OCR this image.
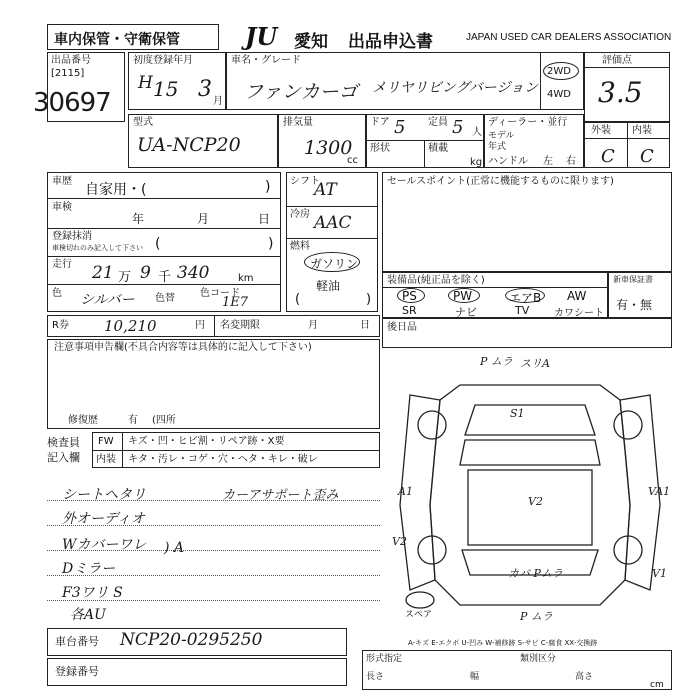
車内保管・守衛保管	JU 愛知 出品申込書	JAPAN USED CAR DEALERS ASSOCIATION
出品番号
[2115]
30697
初度登録年月
H 15 3 月
車名・グレード
ファンカーゴ メリヤリビングバージョン
2WD
4WD
評価点
3.5
型式
UA-NCP20
排気量
1300
cc
ドア 5 定員 5 人
形状	積載
kg
ディーラー・並行
モデル
年式
ハンドル 左 右
外装 内装
C C
車歴
自家用・(	)
車検
年	月	日
登録抹消
車検切れのみ記入して下さい (	)
走行 21 万 9 千 340	km
色 シルバー 色替	色コード
1E7
シフト
AT
冷房 AAC
燃料
ガソリン
軽油
(	)
セールスポイント(正常に機能するものに限ります)
装備品(純正品を除く)
PS	PW	エアB AW
SR	ナビ	TV カワシート
新車保証書
有・無
R券 10,210	円 名変期限	月	日 後日品
注意事項申告欄(不具合内容等は具体的に記入して下さい)
修復歴	有 (四所
検査員
記入欄
FW キズ・凹・ヒビ割・リペア跡・X要
内装 キタ・汚レ・コゲ・穴・ヘタ・キレ・破レ
シートヘタリ
外オーディオ
Wカバーワレ
Dミラー
F3ワリ S
各AU
カーアサポート歪み
) A
P ムラ スリA
S1
V2
A1
V2
VA1
カバ Pムラ	V1
P ムラ
スペア
車台番号 NCP20-0295250
登録番号
A-キズ E-エクボ U-凹み W-補修跡 S-サビ C-腐食 XX-交換跡
形式指定	類別区分
長さ	幅	高さ
cm
